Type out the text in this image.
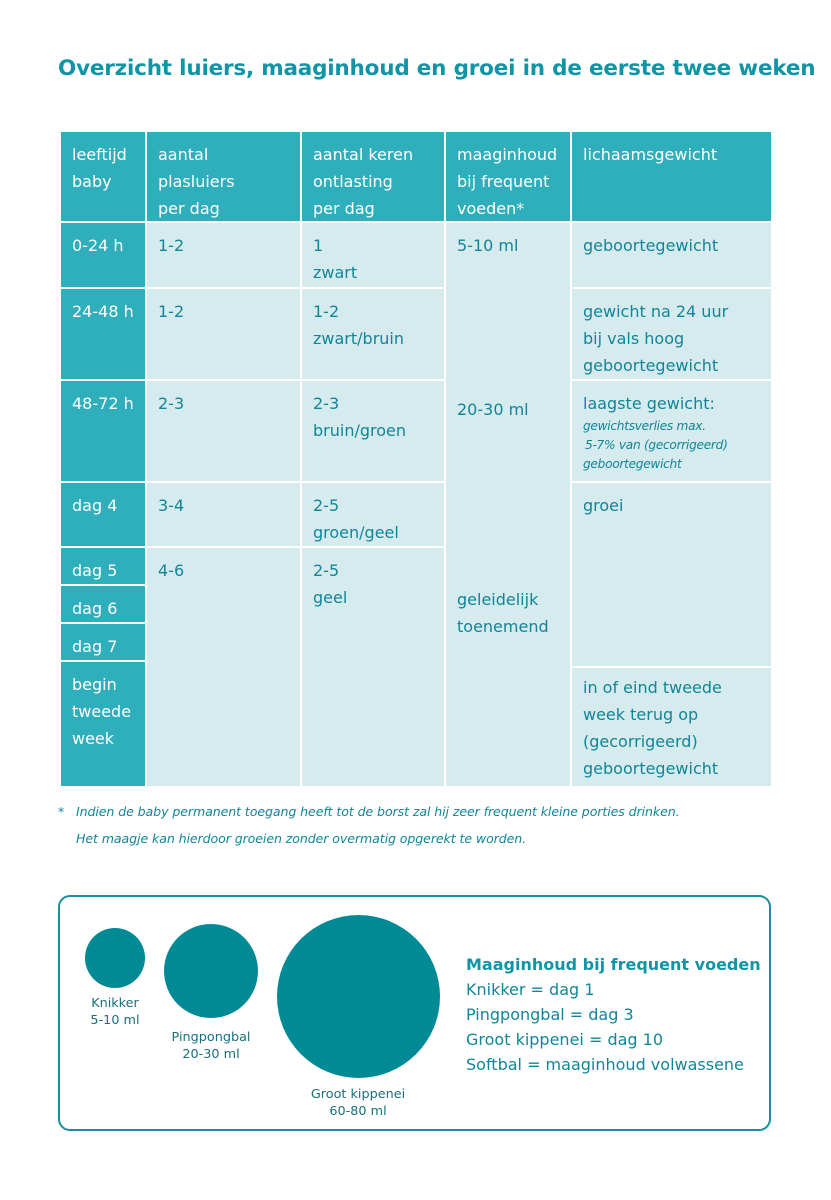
Overzicht luiers, maaginhoud en groei in de eerste twee weken
leeftijd
baby
aantal
plasluiers
per dag
aantal keren
ontlasting
per dag
maaginhoud
bij frequent
voeden*
lichaamsgewicht
0-24 h
24-48 h
48-72 h
dag 4
dag 5
dag 6
dag 7
begin
tweede
week
1-2
1-2
2-3
3-4
4-6
1
zwart
1-2
zwart/bruin
2-3
bruin/groen
2-5
groen/geel
2-5
geel
5-10 ml
20-30 ml
geleidelijk
toenemend
geboortegewicht
gewicht na 24 uur
bij vals hoog
geboortegewicht
laagste gewicht:
gewichtsverlies max.
5-7% van (gecorrigeerd)
geboortegewicht
groei
in of eind tweede
week terug op
(gecorrigeerd)
geboortegewicht
* Indien de baby permanent toegang heeft tot de borst zal hij zeer frequent kleine porties drinken.
Het maagje kan hierdoor groeien zonder overmatig opgerekt te worden.
Knikker
5-10 ml
Pingpongbal
20-30 ml
Groot kippenei
60-80 ml
Maaginhoud bij frequent voeden
Knikker = dag 1
Pingpongbal = dag 3
Groot kippenei = dag 10
Softbal = maaginhoud volwassene
